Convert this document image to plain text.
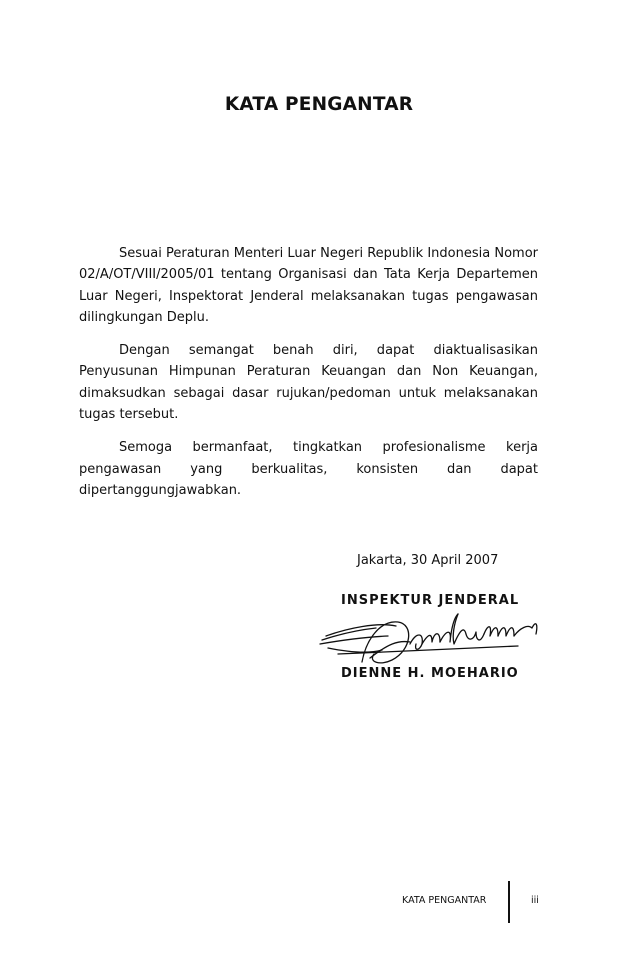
KATA PENGANTAR

Sesuai Peraturan Menteri Luar Negeri Republik Indonesia Nomor 02/A/OT/VIII/2005/01 tentang Organisasi dan Tata Kerja Departemen Luar Negeri, Inspektorat Jenderal melaksanakan tugas pengawasan dilingkungan Deplu.

Dengan semangat benah diri, dapat diaktualisasikan Penyusunan Himpunan Peraturan Keuangan dan Non Keuangan, dimaksudkan sebagai dasar rujukan/pedoman untuk melaksanakan tugas tersebut.

Semoga bermanfaat, tingkatkan profesionalisme kerja pengawasan yang berkualitas, konsisten dan dapat dipertanggungjawabkan.

Jakarta, 30 April 2007
INSPEKTUR JENDERAL
DIENNE H. MOEHARIO
KATA PENGANTAR	iii
